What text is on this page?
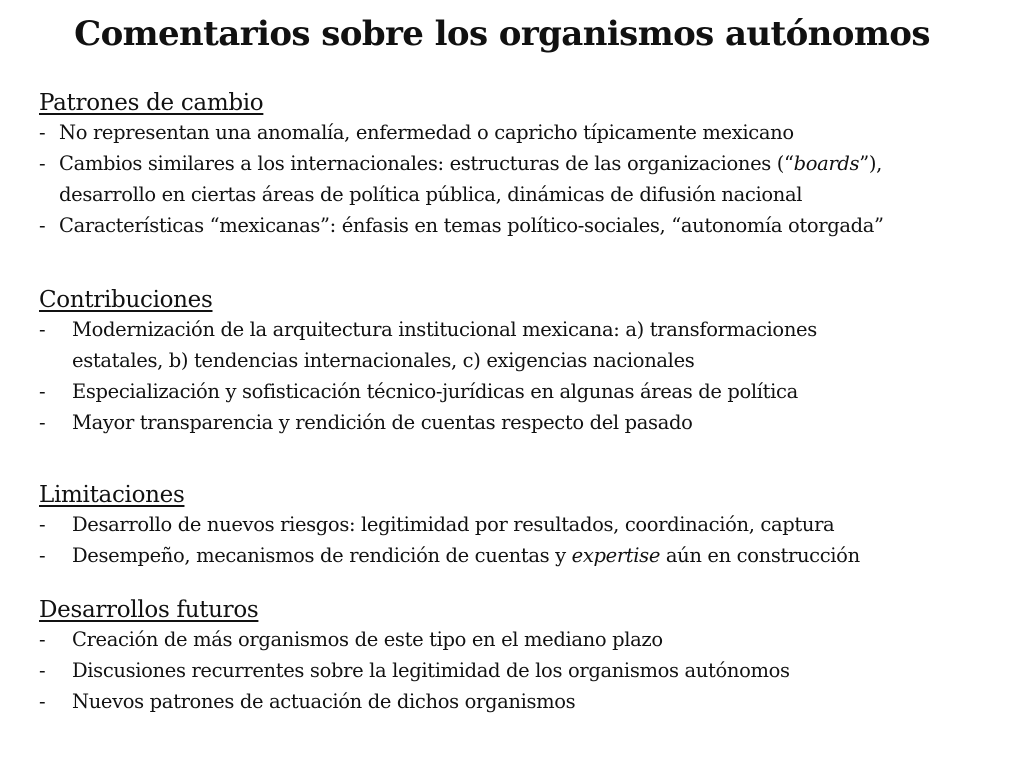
Comentarios sobre los organismos autónomos

Patrones de cambio

- No representan una anomalía, enfermedad o capricho típicamente mexicano
- Cambios similares a los internacionales: estructuras de las organizaciones (“boards”),
desarrollo en ciertas áreas de política pública, dinámicas de difusión nacional
- Características “mexicanas”: énfasis en temas político-sociales, “autonomía otorgada”

Contribuciones

- Modernización de la arquitectura institucional mexicana: a) transformaciones
estatales, b) tendencias internacionales, c) exigencias nacionales
- Especialización y sofisticación técnico-jurídicas en algunas áreas de política
- Mayor transparencia y rendición de cuentas respecto del pasado

Limitaciones

- Desarrollo de nuevos riesgos: legitimidad por resultados, coordinación, captura
- Desempeño, mecanismos de rendición de cuentas y expertise aún en construcción

Desarrollos futuros

- Creación de más organismos de este tipo en el mediano plazo
- Discusiones recurrentes sobre la legitimidad de los organismos autónomos
- Nuevos patrones de actuación de dichos organismos
